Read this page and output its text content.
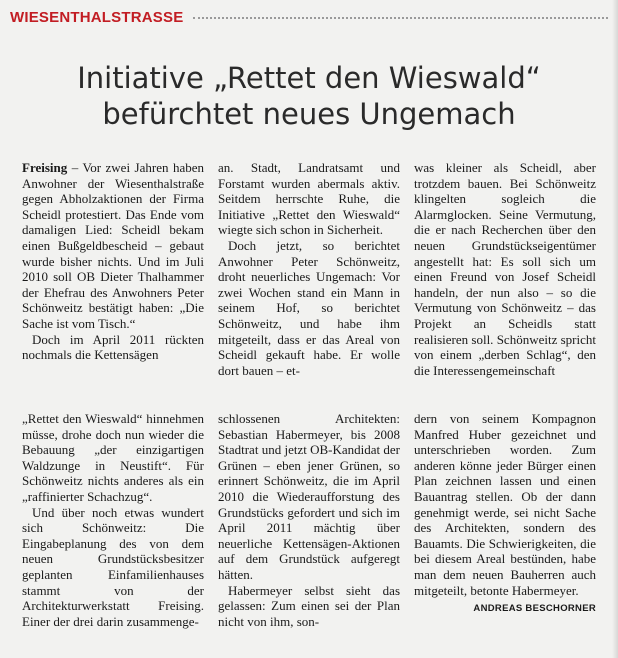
WIESENTHALSTRASSE
Initiative „Rettet den Wieswald“
befürchtet neues Ungemach

Freising – Vor zwei Jahren haben Anwohner der Wiesenthalstraße gegen Abholzaktionen der Firma Scheidl protestiert. Das Ende vom damaligen Lied: Scheidl bekam einen Bußgeldbescheid – gebaut wurde bisher nichts. Und im Juli 2010 soll OB Dieter Thalhammer der Ehefrau des Anwohners Peter Schönweitz bestätigt haben: „Die Sache ist vom Tisch.“

Doch im April 2011 rückten nochmals die Kettensägen

an. Stadt, Landratsamt und Forstamt wurden abermals aktiv. Seitdem herrschte Ruhe, die Initiative „Rettet den Wieswald“ wiegte sich schon in Sicherheit.

Doch jetzt, so berichtet Anwohner Peter Schönweitz, droht neuerliches Ungemach: Vor zwei Wochen stand ein Mann in seinem Hof, so berichtet Schönweitz, und habe ihm mitgeteilt, dass er das Areal von Scheidl gekauft habe. Er wolle dort bauen – et-

was kleiner als Scheidl, aber trotzdem bauen. Bei Schönweitz klingelten sogleich die Alarmglocken. Seine Vermutung, die er nach Recherchen über den neuen Grundstückseigentümer angestellt hat: Es soll sich um einen Freund von Josef Scheidl handeln, der nun also – so die Vermutung von Schönweitz – das Projekt an Scheidls statt realisieren soll. Schönweitz spricht von einem „derben Schlag“, den die Interessengemeinschaft

„Rettet den Wieswald“ hinnehmen müsse, drohe doch nun wieder die Bebauung „der einzigartigen Waldzunge in Neustift“. Für Schönweitz nichts anderes als ein „raffinierter Schachzug“.

Und über noch etwas wundert sich Schönweitz: Die Eingabeplanung des von dem neuen Grundstücksbesitzer geplanten Einfamilienhauses stammt von der Architekturwerkstatt Freising. Einer der drei darin zusammenge-

schlossenen Architekten: Sebastian Habermeyer, bis 2008 Stadtrat und jetzt OB-Kandidat der Grünen – eben jener Grünen, so erinnert Schönweitz, die im April 2010 die Wiederaufforstung des Grundstücks gefordert und sich im April 2011 mächtig über neuerliche Kettensägen-Aktionen auf dem Grundstück aufgeregt hätten.

Habermeyer selbst sieht das gelassen: Zum einen sei der Plan nicht von ihm, son-

dern von seinem Kompagnon Manfred Huber gezeichnet und unterschrieben worden. Zum anderen könne jeder Bürger einen Plan zeichnen lassen und einen Bauantrag stellen. Ob der dann genehmigt werde, sei nicht Sache des Architekten, sondern des Bauamts. Die Schwierigkeiten, die bei diesem Areal bestünden, habe man dem neuen Bauherren auch mitgeteilt, betonte Habermeyer.

ANDREAS BESCHORNER
